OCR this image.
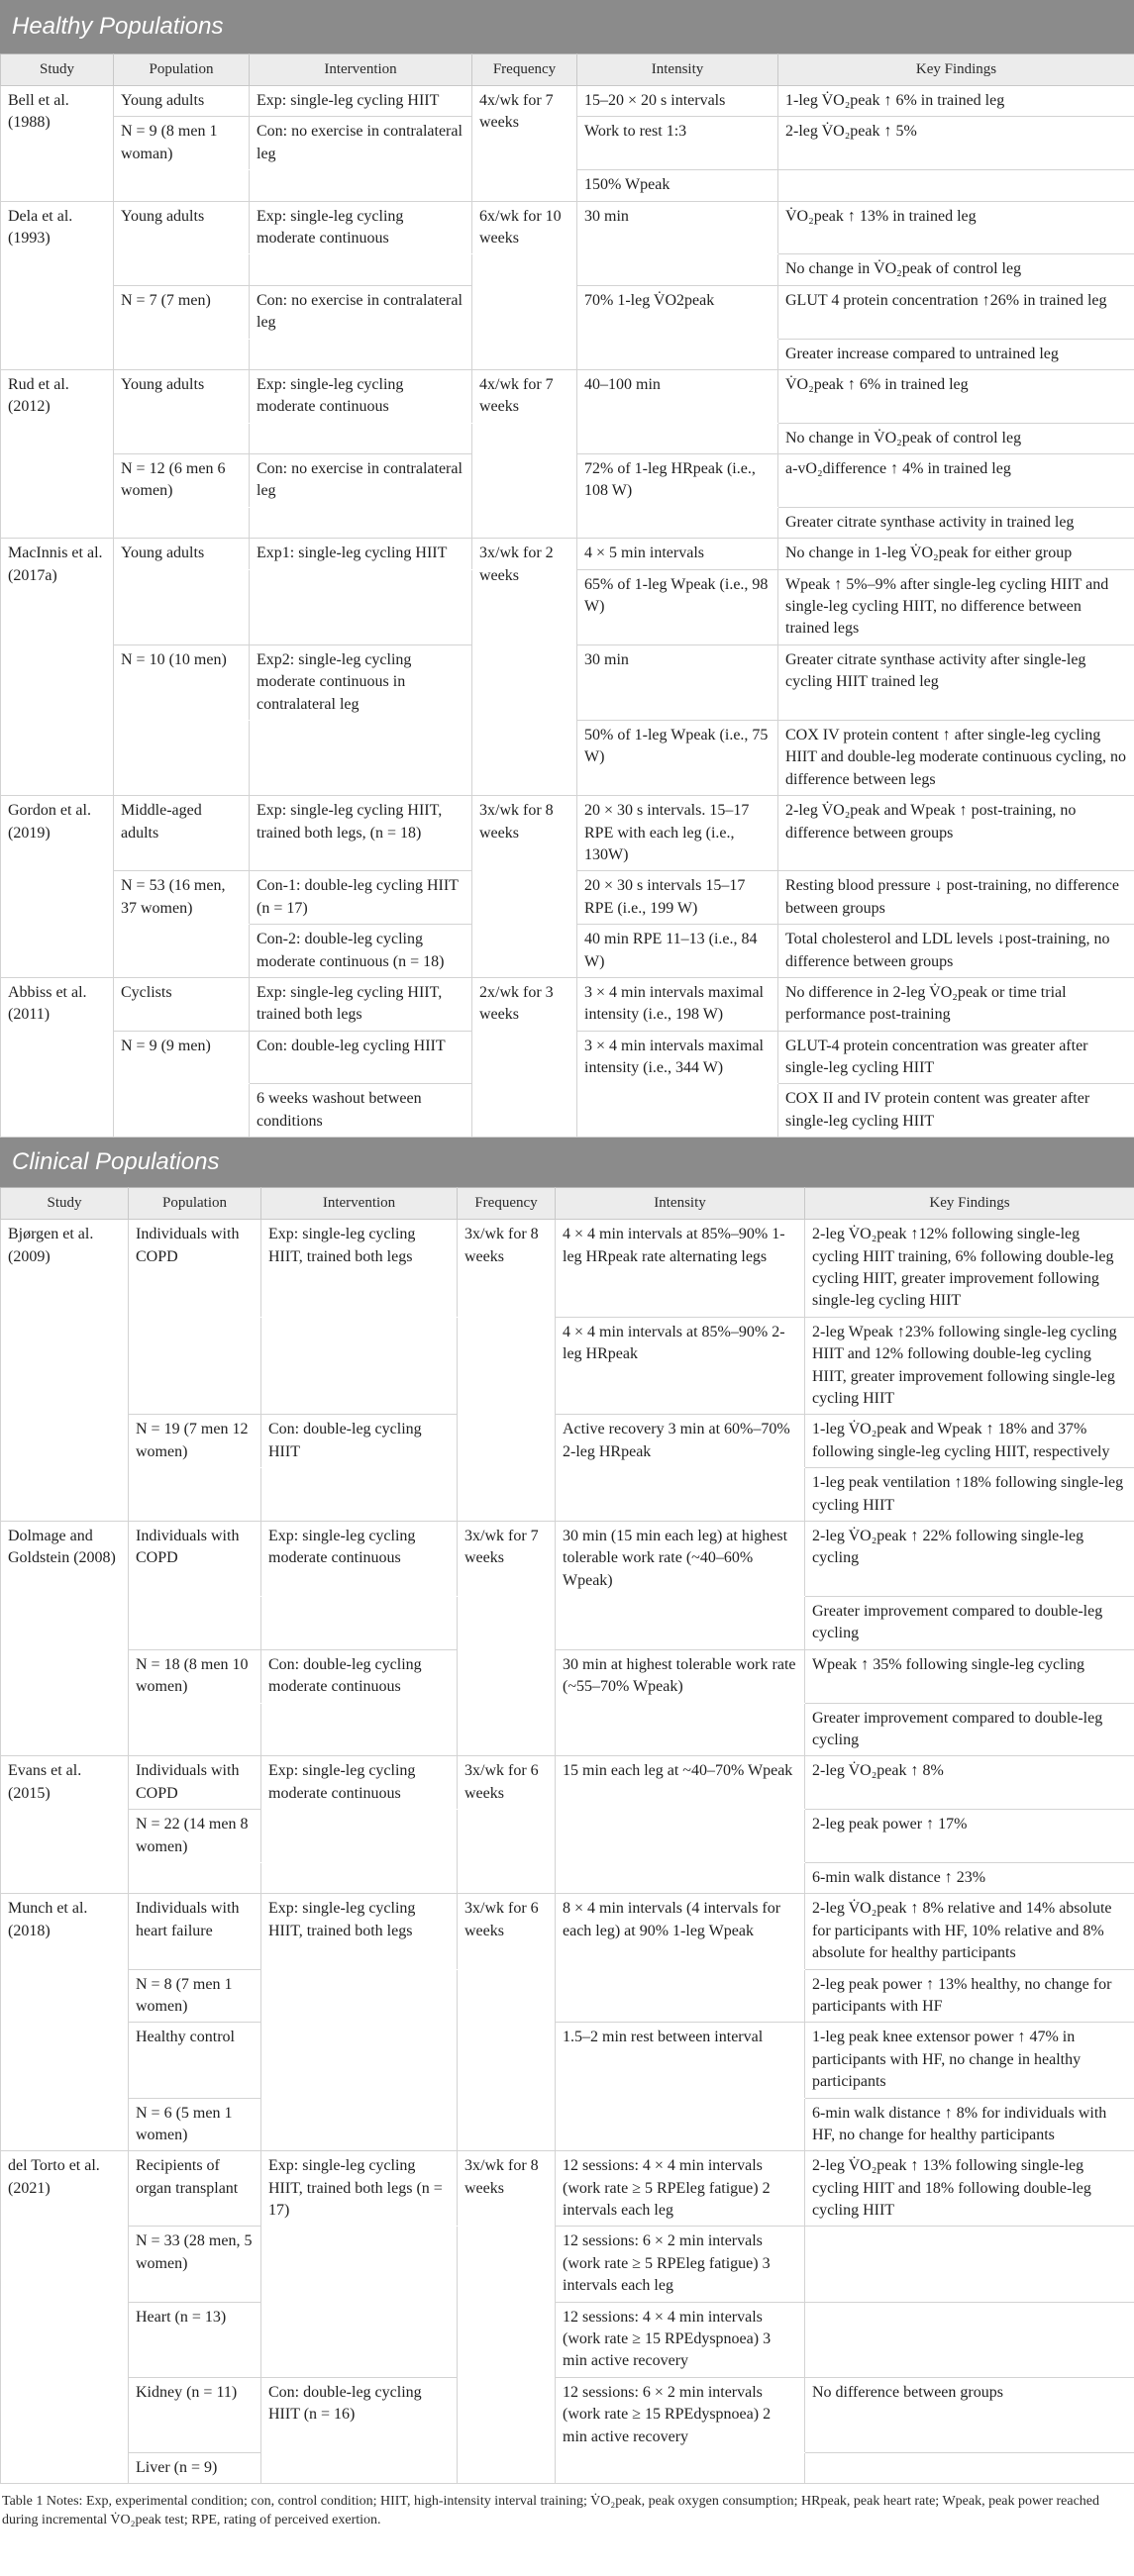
Healthy Populations
Study	Population	Intervention	Frequency	Intensity	Key Findings
Bell et al. (1988)	Young adults	Exp: single-leg cycling HIIT	4x/wk for 7 weeks	15–20 × 20 s intervals	1-leg V̇O₂peak ↑ 6% in trained leg
	N = 9 (8 men 1 woman)	Con: no exercise in contralateral leg		Work to rest 1:3	2-leg V̇O₂peak ↑ 5%
				150% Wpeak	
Dela et al. (1993)	Young adults	Exp: single-leg cycling moderate continuous	6x/wk for 10 weeks	30 min	V̇O₂peak ↑ 13% in trained leg
					No change in V̇O₂peak of control leg
	N = 7 (7 men)	Con: no exercise in contralateral leg		70% 1-leg V̇O2peak	GLUT 4 protein concentration ↑26% in trained leg
					Greater increase compared to untrained leg
Rud et al. (2012)	Young adults	Exp: single-leg cycling moderate continuous	4x/wk for 7 weeks	40–100 min	V̇O₂peak ↑ 6% in trained leg
					No change in V̇O₂peak of control leg
	N = 12 (6 men 6 women)	Con: no exercise in contralateral leg		72% of 1-leg HRpeak (i.e., 108 W)	a-vO₂difference ↑ 4% in trained leg
					Greater citrate synthase activity in trained leg
MacInnis et al. (2017a)	Young adults	Exp1: single-leg cycling HIIT	3x/wk for 2 weeks	4 × 5 min intervals	No change in 1-leg V̇O₂peak for either group
				65% of 1-leg Wpeak (i.e., 98 W)	Wpeak ↑ 5%–9% after single-leg cycling HIIT and single-leg cycling HIIT, no difference between trained legs
	N = 10 (10 men)	Exp2: single-leg cycling moderate continuous in contralateral leg		30 min	Greater citrate synthase activity after single-leg cycling HIIT trained leg
				50% of 1-leg Wpeak (i.e., 75 W)	COX IV protein content ↑ after single-leg cycling HIIT and double-leg moderate continuous cycling, no difference between legs
Gordon et al. (2019)	Middle-aged adults	Exp: single-leg cycling HIIT, trained both legs, (n = 18)	3x/wk for 8 weeks	20 × 30 s intervals. 15–17 RPE with each leg (i.e., 130W)	2-leg V̇O₂peak and Wpeak ↑ post-training, no difference between groups
	N = 53 (16 men, 37 women)	Con-1: double-leg cycling HIIT (n = 17)		20 × 30 s intervals 15–17 RPE (i.e., 199 W)	Resting blood pressure ↓ post-training, no difference between groups
		Con-2: double-leg cycling moderate continuous (n = 18)		40 min RPE 11–13 (i.e., 84 W)	Total cholesterol and LDL levels ↓post-training, no difference between groups
Abbiss et al. (2011)	Cyclists	Exp: single-leg cycling HIIT, trained both legs	2x/wk for 3 weeks	3 × 4 min intervals maximal intensity (i.e., 198 W)	No difference in 2-leg V̇O₂peak or time trial performance post-training
	N = 9 (9 men)	Con: double-leg cycling HIIT		3 × 4 min intervals maximal intensity (i.e., 344 W)	GLUT-4 protein concentration was greater after single-leg cycling HIIT
		6 weeks washout between conditions			COX II and IV protein content was greater after single-leg cycling HIIT
Clinical Populations
Study	Population	Intervention	Frequency	Intensity	Key Findings
Bjørgen et al. (2009)	Individuals with COPD	Exp: single-leg cycling HIIT, trained both legs	3x/wk for 8 weeks	4 × 4 min intervals at 85%–90% 1-leg HRpeak rate alternating legs	2-leg V̇O₂peak ↑12% following single-leg cycling HIIT training, 6% following double-leg cycling HIIT, greater improvement following single-leg cycling HIIT
				4 × 4 min intervals at 85%–90% 2-leg HRpeak	2-leg Wpeak ↑23% following single-leg cycling HIIT and 12% following double-leg cycling HIIT, greater improvement following single-leg cycling HIIT
	N = 19 (7 men 12 women)	Con: double-leg cycling HIIT		Active recovery 3 min at 60%–70% 2-leg HRpeak	1-leg V̇O₂peak and Wpeak ↑ 18% and 37% following single-leg cycling HIIT, respectively
					1-leg peak ventilation ↑18% following single-leg cycling HIIT
Dolmage and Goldstein (2008)	Individuals with COPD	Exp: single-leg cycling moderate continuous	3x/wk for 7 weeks	30 min (15 min each leg) at highest tolerable work rate (~40–60% Wpeak)	2-leg V̇O₂peak ↑ 22% following single-leg cycling
					Greater improvement compared to double-leg cycling
	N = 18 (8 men 10 women)	Con: double-leg cycling moderate continuous		30 min at highest tolerable work rate (~55–70% Wpeak)	Wpeak ↑ 35% following single-leg cycling
					Greater improvement compared to double-leg cycling
Evans et al. (2015)	Individuals with COPD	Exp: single-leg cycling moderate continuous	3x/wk for 6 weeks	15 min each leg at ~40–70% Wpeak	2-leg V̇O₂peak ↑ 8%
	N = 22 (14 men 8 women)				2-leg peak power ↑ 17%
					6-min walk distance ↑ 23%
Munch et al. (2018)	Individuals with heart failure	Exp: single-leg cycling HIIT, trained both legs	3x/wk for 6 weeks	8 × 4 min intervals (4 intervals for each leg) at 90% 1-leg Wpeak	2-leg V̇O₂peak ↑ 8% relative and 14% absolute for participants with HF, 10% relative and 8% absolute for healthy participants
	N = 8 (7 men 1 women)				2-leg peak power ↑ 13% healthy, no change for participants with HF
	Healthy control			1.5–2 min rest between interval	1-leg peak knee extensor power ↑ 47% in participants with HF, no change in healthy participants
	N = 6 (5 men 1 women)				6-min walk distance ↑ 8% for individuals with HF, no change for healthy participants
del Torto et al. (2021)	Recipients of organ transplant	Exp: single-leg cycling HIIT, trained both legs (n = 17)	3x/wk for 8 weeks	12 sessions: 4 × 4 min intervals (work rate ≥ 5 RPEleg fatigue) 2 intervals each leg	2-leg V̇O₂peak ↑ 13% following single-leg cycling HIIT and 18% following double-leg cycling HIIT
	N = 33 (28 men, 5 women)			12 sessions: 6 × 2 min intervals (work rate ≥ 5 RPEleg fatigue) 3 intervals each leg	
	Heart (n = 13)			12 sessions: 4 × 4 min intervals (work rate ≥ 15 RPEdyspnoea) 3 min active recovery	
	Kidney (n = 11)	Con: double-leg cycling HIIT (n = 16)		12 sessions: 6 × 2 min intervals (work rate ≥ 15 RPEdyspnoea) 2 min active recovery	No difference between groups
	Liver (n = 9)				
Table 1 Notes: Exp, experimental condition; con, control condition; HIIT, high-intensity interval training; V̇O₂peak, peak oxygen consumption; HRpeak, peak heart rate; Wpeak, peak power reached during incremental V̇O₂peak test; RPE, rating of perceived exertion.
